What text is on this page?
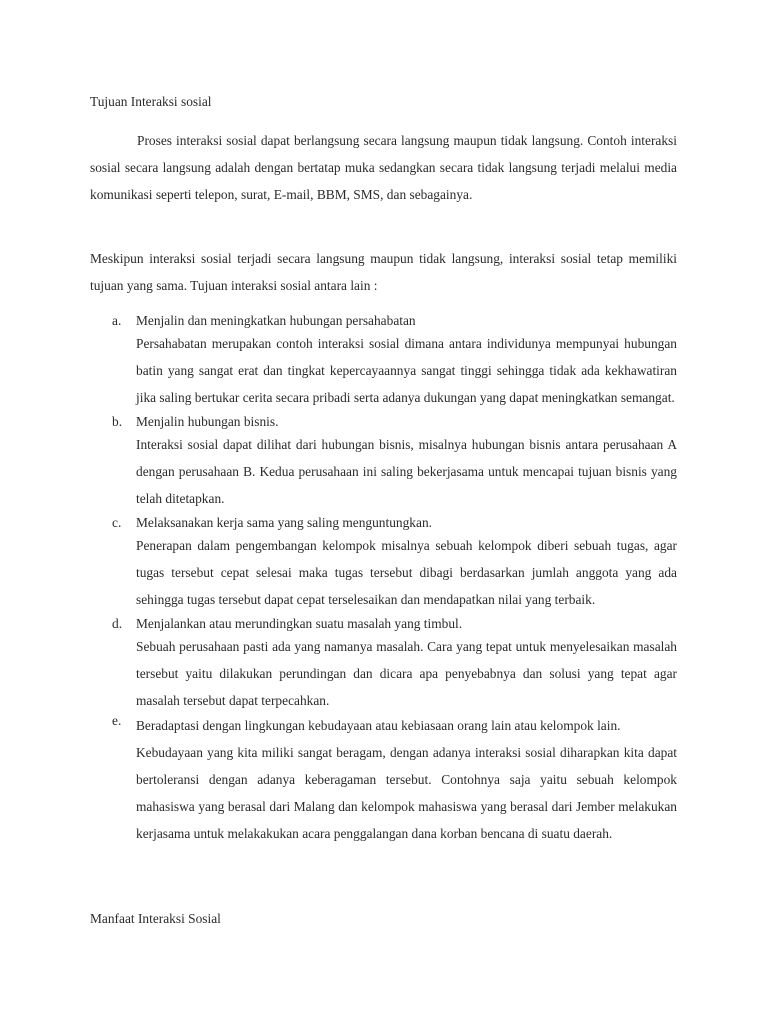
Tujuan Interaksi sosial

Proses interaksi sosial dapat berlangsung secara langsung maupun tidak langsung. Contoh interaksi sosial secara langsung adalah dengan bertatap muka sedangkan secara tidak langsung terjadi melalui media komunikasi seperti telepon, surat, E-mail, BBM, SMS, dan sebagainya.

Meskipun interaksi sosial terjadi secara langsung maupun tidak langsung, interaksi sosial tetap memiliki tujuan yang sama. Tujuan interaksi sosial antara lain :

a. Menjalin dan meningkatkan hubungan persahabatan
Persahabatan merupakan contoh interaksi sosial dimana antara individunya mempunyai hubungan batin yang sangat erat dan tingkat kepercayaannya sangat tinggi sehingga tidak ada kekhawatiran jika saling bertukar cerita secara pribadi serta adanya dukungan yang dapat meningkatkan semangat.
b. Menjalin hubungan bisnis.
Interaksi sosial dapat dilihat dari hubungan bisnis, misalnya hubungan bisnis antara perusahaan A dengan perusahaan B. Kedua perusahaan ini saling bekerjasama untuk mencapai tujuan bisnis yang telah ditetapkan.
c. Melaksanakan kerja sama yang saling menguntungkan.
Penerapan dalam pengembangan kelompok misalnya sebuah kelompok diberi sebuah tugas, agar tugas tersebut cepat selesai maka tugas tersebut dibagi berdasarkan jumlah anggota yang ada sehingga tugas tersebut dapat cepat terselesaikan dan mendapatkan nilai yang terbaik.
d. Menjalankan atau merundingkan suatu masalah yang timbul.
Sebuah perusahaan pasti ada yang namanya masalah. Cara yang tepat untuk menyelesaikan masalah tersebut yaitu dilakukan perundingan dan dicara apa penyebabnya dan solusi yang tepat agar masalah tersebut dapat terpecahkan.
e. Beradaptasi dengan lingkungan kebudayaan atau kebiasaan orang lain atau kelompok lain.
Kebudayaan yang kita miliki sangat beragam, dengan adanya interaksi sosial diharapkan kita dapat bertoleransi dengan adanya keberagaman tersebut. Contohnya saja yaitu sebuah kelompok mahasiswa yang berasal dari Malang dan kelompok mahasiswa yang berasal dari Jember melakukan kerjasama untuk melakakukan acara penggalangan dana korban bencana di suatu daerah.

Manfaat Interaksi Sosial
